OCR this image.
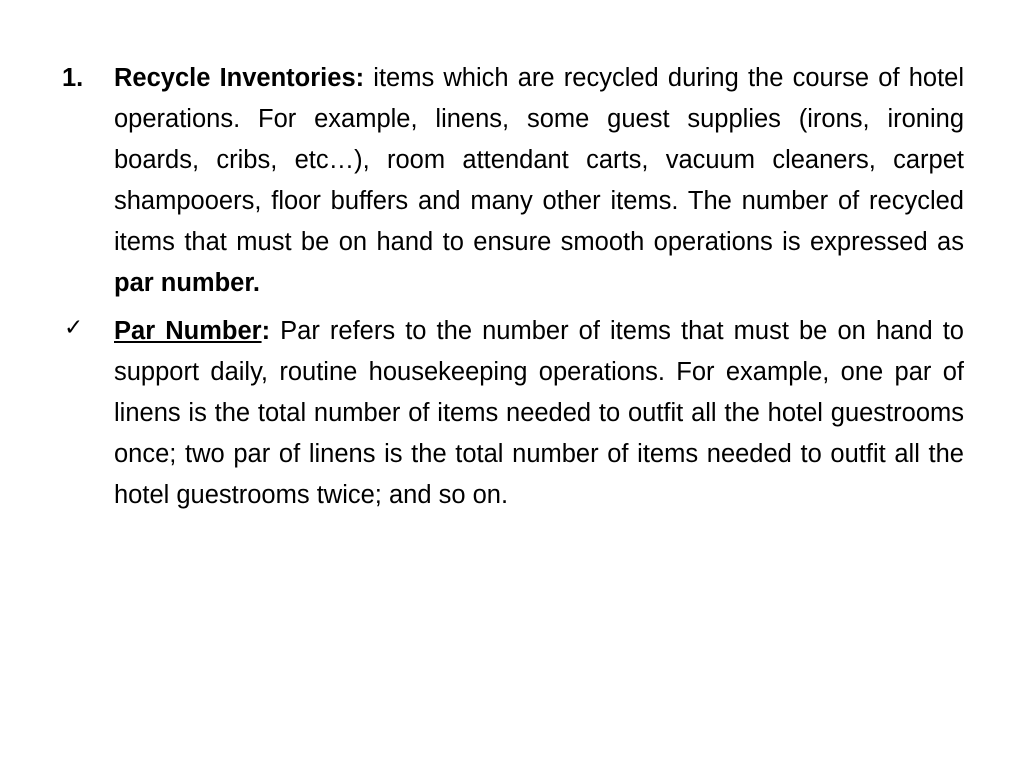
1. Recycle Inventories: items which are recycled during the course of hotel operations. For example, linens, some guest supplies (irons, ironing boards, cribs, etc…), room attendant carts, vacuum cleaners, carpet shampooers, floor buffers and many other items. The number of recycled items that must be on hand to ensure smooth operations is expressed as par number.
✓ Par Number: Par refers to the number of items that must be on hand to support daily, routine housekeeping operations. For example, one par of linens is the total number of items needed to outfit all the hotel guestrooms once; two par of linens is the total number of items needed to outfit all the hotel guestrooms twice; and so on.
